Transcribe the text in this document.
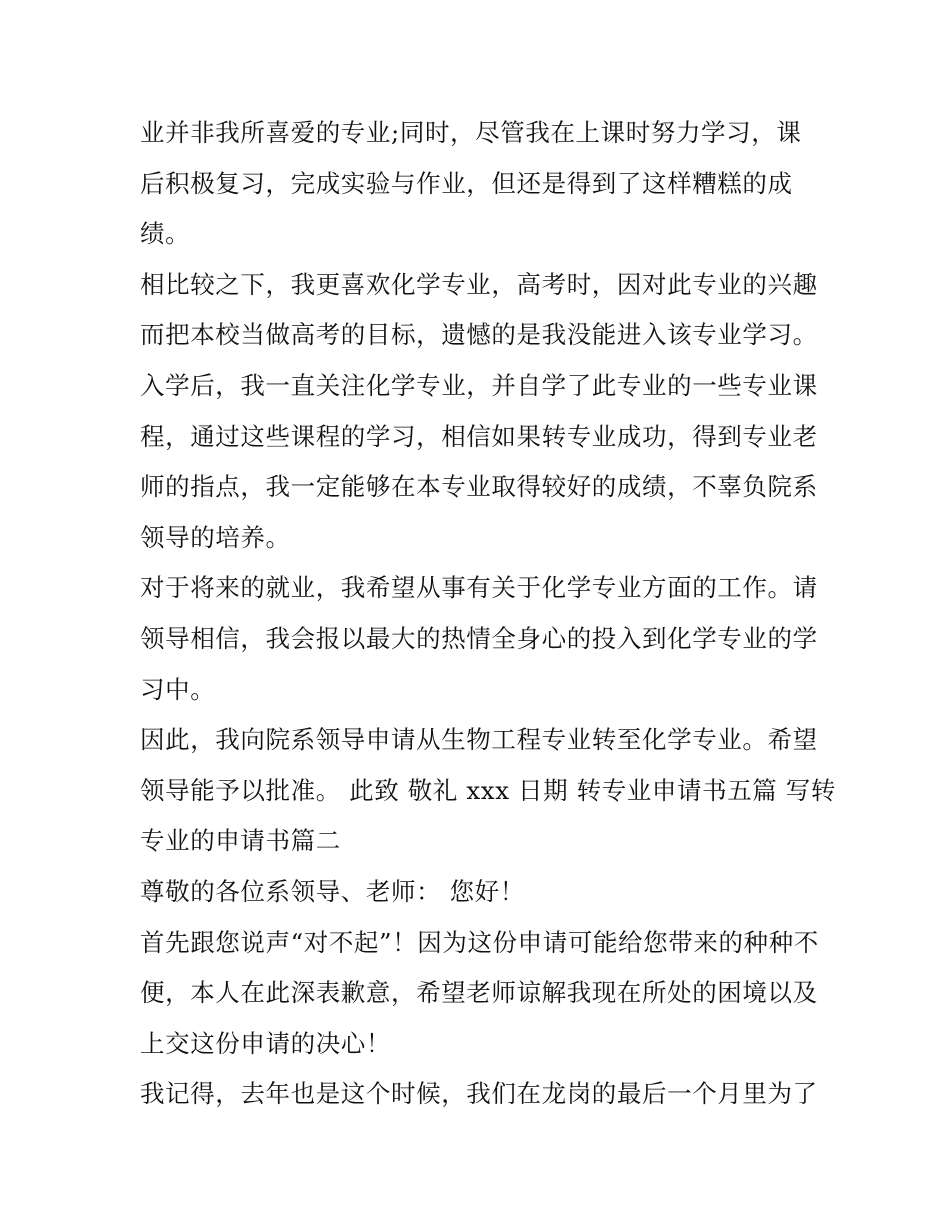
业并非我所喜爱的专业;同时，尽管我在上课时努力学习，课
后积极复习，完成实验与作业，但还是得到了这样糟糕的成
绩。
相比较之下，我更喜欢化学专业，高考时，因对此专业的兴趣
而把本校当做高考的目标，遗憾的是我没能进入该专业学习。
入学后，我一直关注化学专业，并自学了此专业的一些专业课
程，通过这些课程的学习，相信如果转专业成功，得到专业老
师的指点，我一定能够在本专业取得较好的成绩，不辜负院系
领导的培养。
对于将来的就业，我希望从事有关于化学专业方面的工作。请
领导相信，我会报以最大的热情全身心的投入到化学专业的学
习中。
因此，我向院系领导申请从生物工程专业转至化学专业。希望
领导能予以批准。 此致 敬礼 xxx 日期 转专业申请书五篇 写转
专业的申请书篇二
尊敬的各位系领导、老师： 您好！
首先跟您说声“对不起”！因为这份申请可能给您带来的种种不
便，本人在此深表歉意，希望老师谅解我现在所处的困境以及
上交这份申请的决心！
我记得，去年也是这个时候，我们在龙岗的最后一个月里为了
